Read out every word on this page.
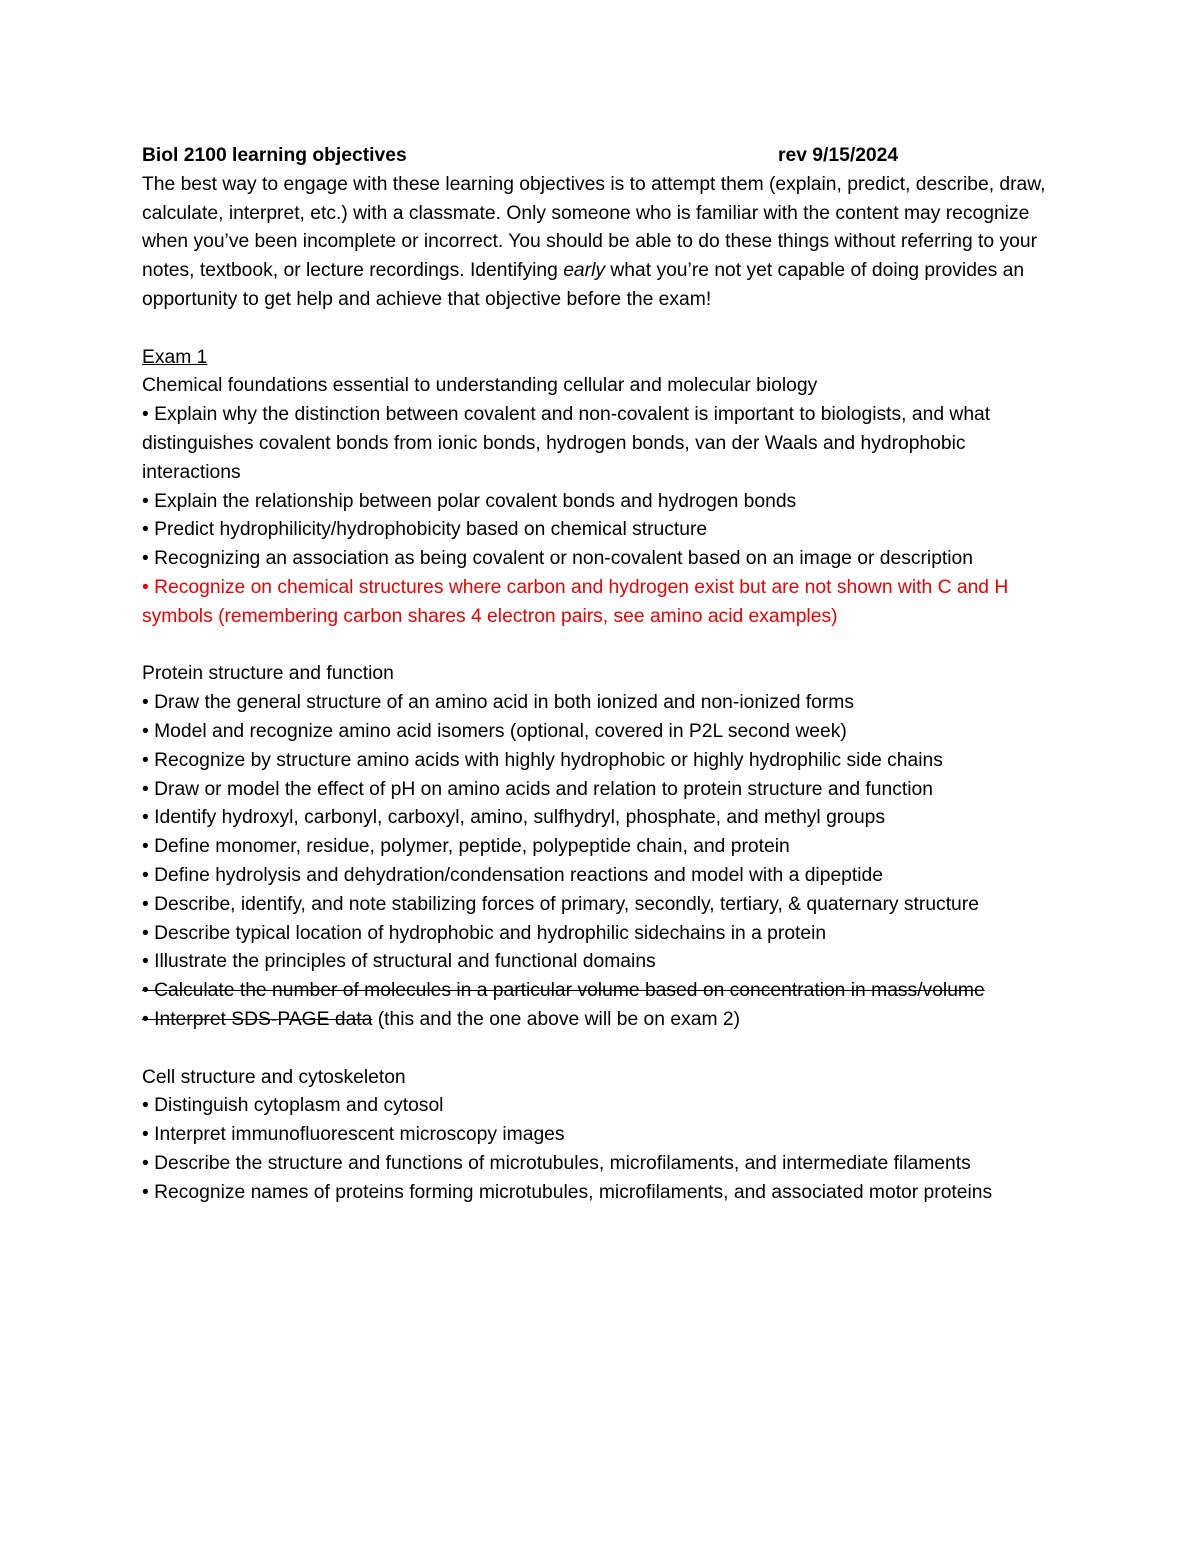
Biol 2100 learning objectives	rev 9/15/2024

The best way to engage with these learning objectives is to attempt them (explain, predict, describe, draw, calculate, interpret, etc.) with a classmate. Only someone who is familiar with the content may recognize when you’ve been incomplete or incorrect. You should be able to do these things without referring to your notes, textbook, or lecture recordings. Identifying early what you’re not yet capable of doing provides an opportunity to get help and achieve that objective before the exam!

Exam 1
Chemical foundations essential to understanding cellular and molecular biology
• Explain why the distinction between covalent and non-covalent is important to biologists, and what distinguishes covalent bonds from ionic bonds, hydrogen bonds, van der Waals and hydrophobic interactions
• Explain the relationship between polar covalent bonds and hydrogen bonds
• Predict hydrophilicity/hydrophobicity based on chemical structure
• Recognizing an association as being covalent or non-covalent based on an image or description
• Recognize on chemical structures where carbon and hydrogen exist but are not shown with C and H symbols (remembering carbon shares 4 electron pairs, see amino acid examples)
Protein structure and function
• Draw the general structure of an amino acid in both ionized and non-ionized forms
• Model and recognize amino acid isomers (optional, covered in P2L second week)
• Recognize by structure amino acids with highly hydrophobic or highly hydrophilic side chains
• Draw or model the effect of pH on amino acids and relation to protein structure and function
• Identify hydroxyl, carbonyl, carboxyl, amino, sulfhydryl, phosphate, and methyl groups
• Define monomer, residue, polymer, peptide, polypeptide chain, and protein
• Define hydrolysis and dehydration/condensation reactions and model with a dipeptide
• Describe, identify, and note stabilizing forces of primary, secondly, tertiary, & quaternary structure
• Describe typical location of hydrophobic and hydrophilic sidechains in a protein
• Illustrate the principles of structural and functional domains
• Calculate the number of molecules in a particular volume based on concentration in mass/volume
• Interpret SDS-PAGE data (this and the one above will be on exam 2)
Cell structure and cytoskeleton
• Distinguish cytoplasm and cytosol
• Interpret immunofluorescent microscopy images
• Describe the structure and functions of microtubules, microfilaments, and intermediate filaments
• Recognize names of proteins forming microtubules, microfilaments, and associated motor proteins
